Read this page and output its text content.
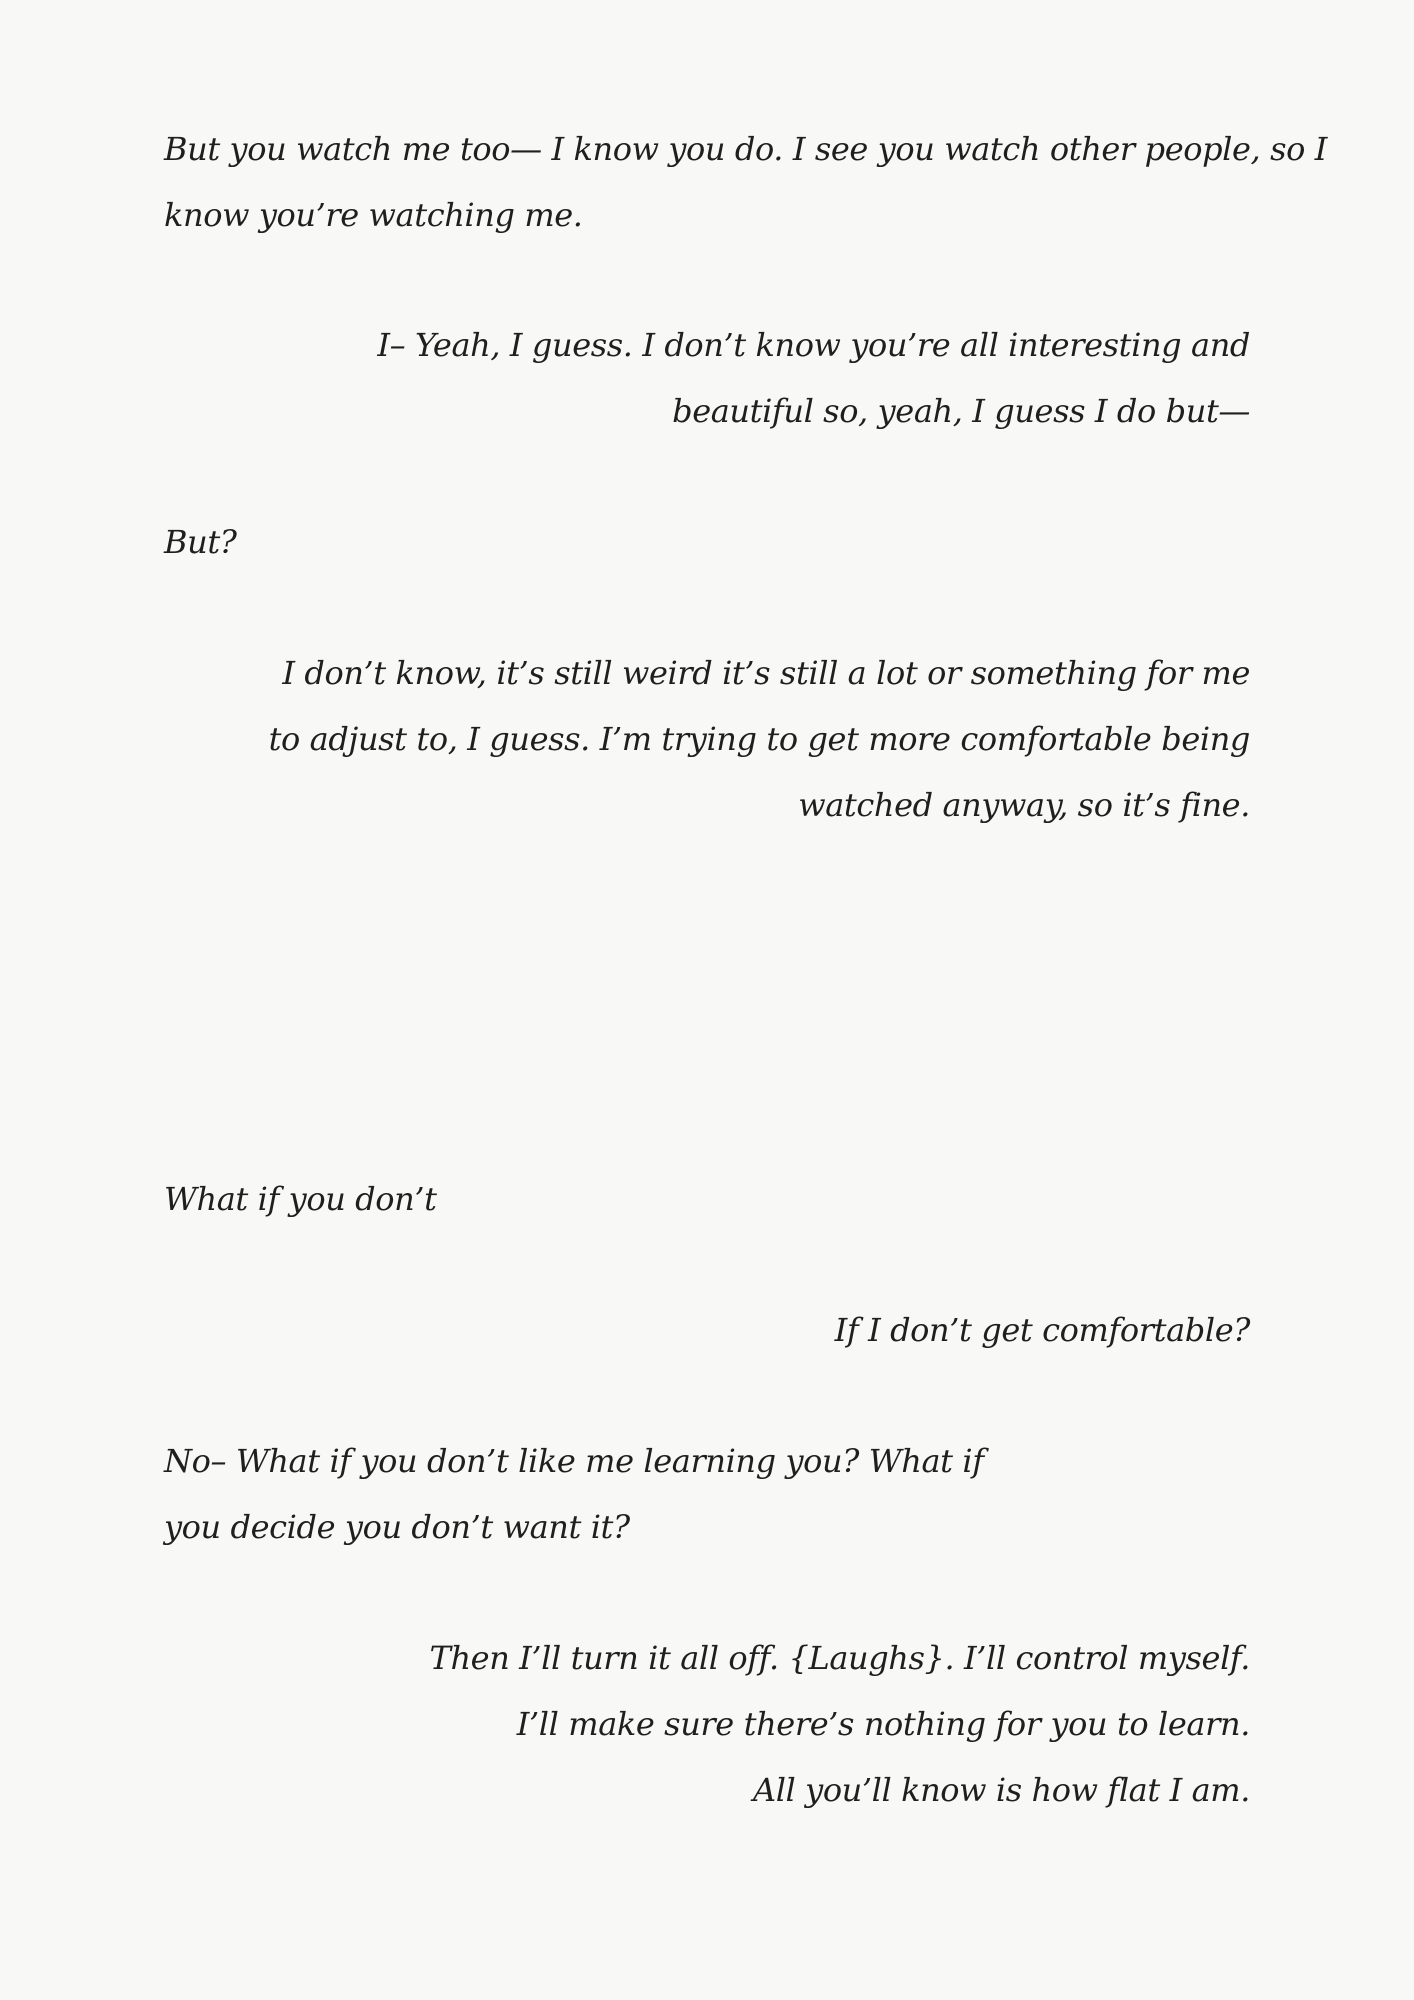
But you watch me too— I know you do. I see you watch other people, so I
know you’re watching me.
I– Yeah, I guess. I don’t know you’re all interesting and
beautiful so, yeah, I guess I do but—
But?
I don’t know, it’s still weird it’s still a lot or something for me
to adjust to, I guess. I’m trying to get more comfortable being
watched anyway, so it’s fine.
What if you don’t
If I don’t get comfortable?
No– What if you don’t like me learning you? What if
you decide you don’t want it?
Then I’ll turn it all off. {Laughs}. I’ll control myself.
I’ll make sure there’s nothing for you to learn.
All you’ll know is how flat I am.
